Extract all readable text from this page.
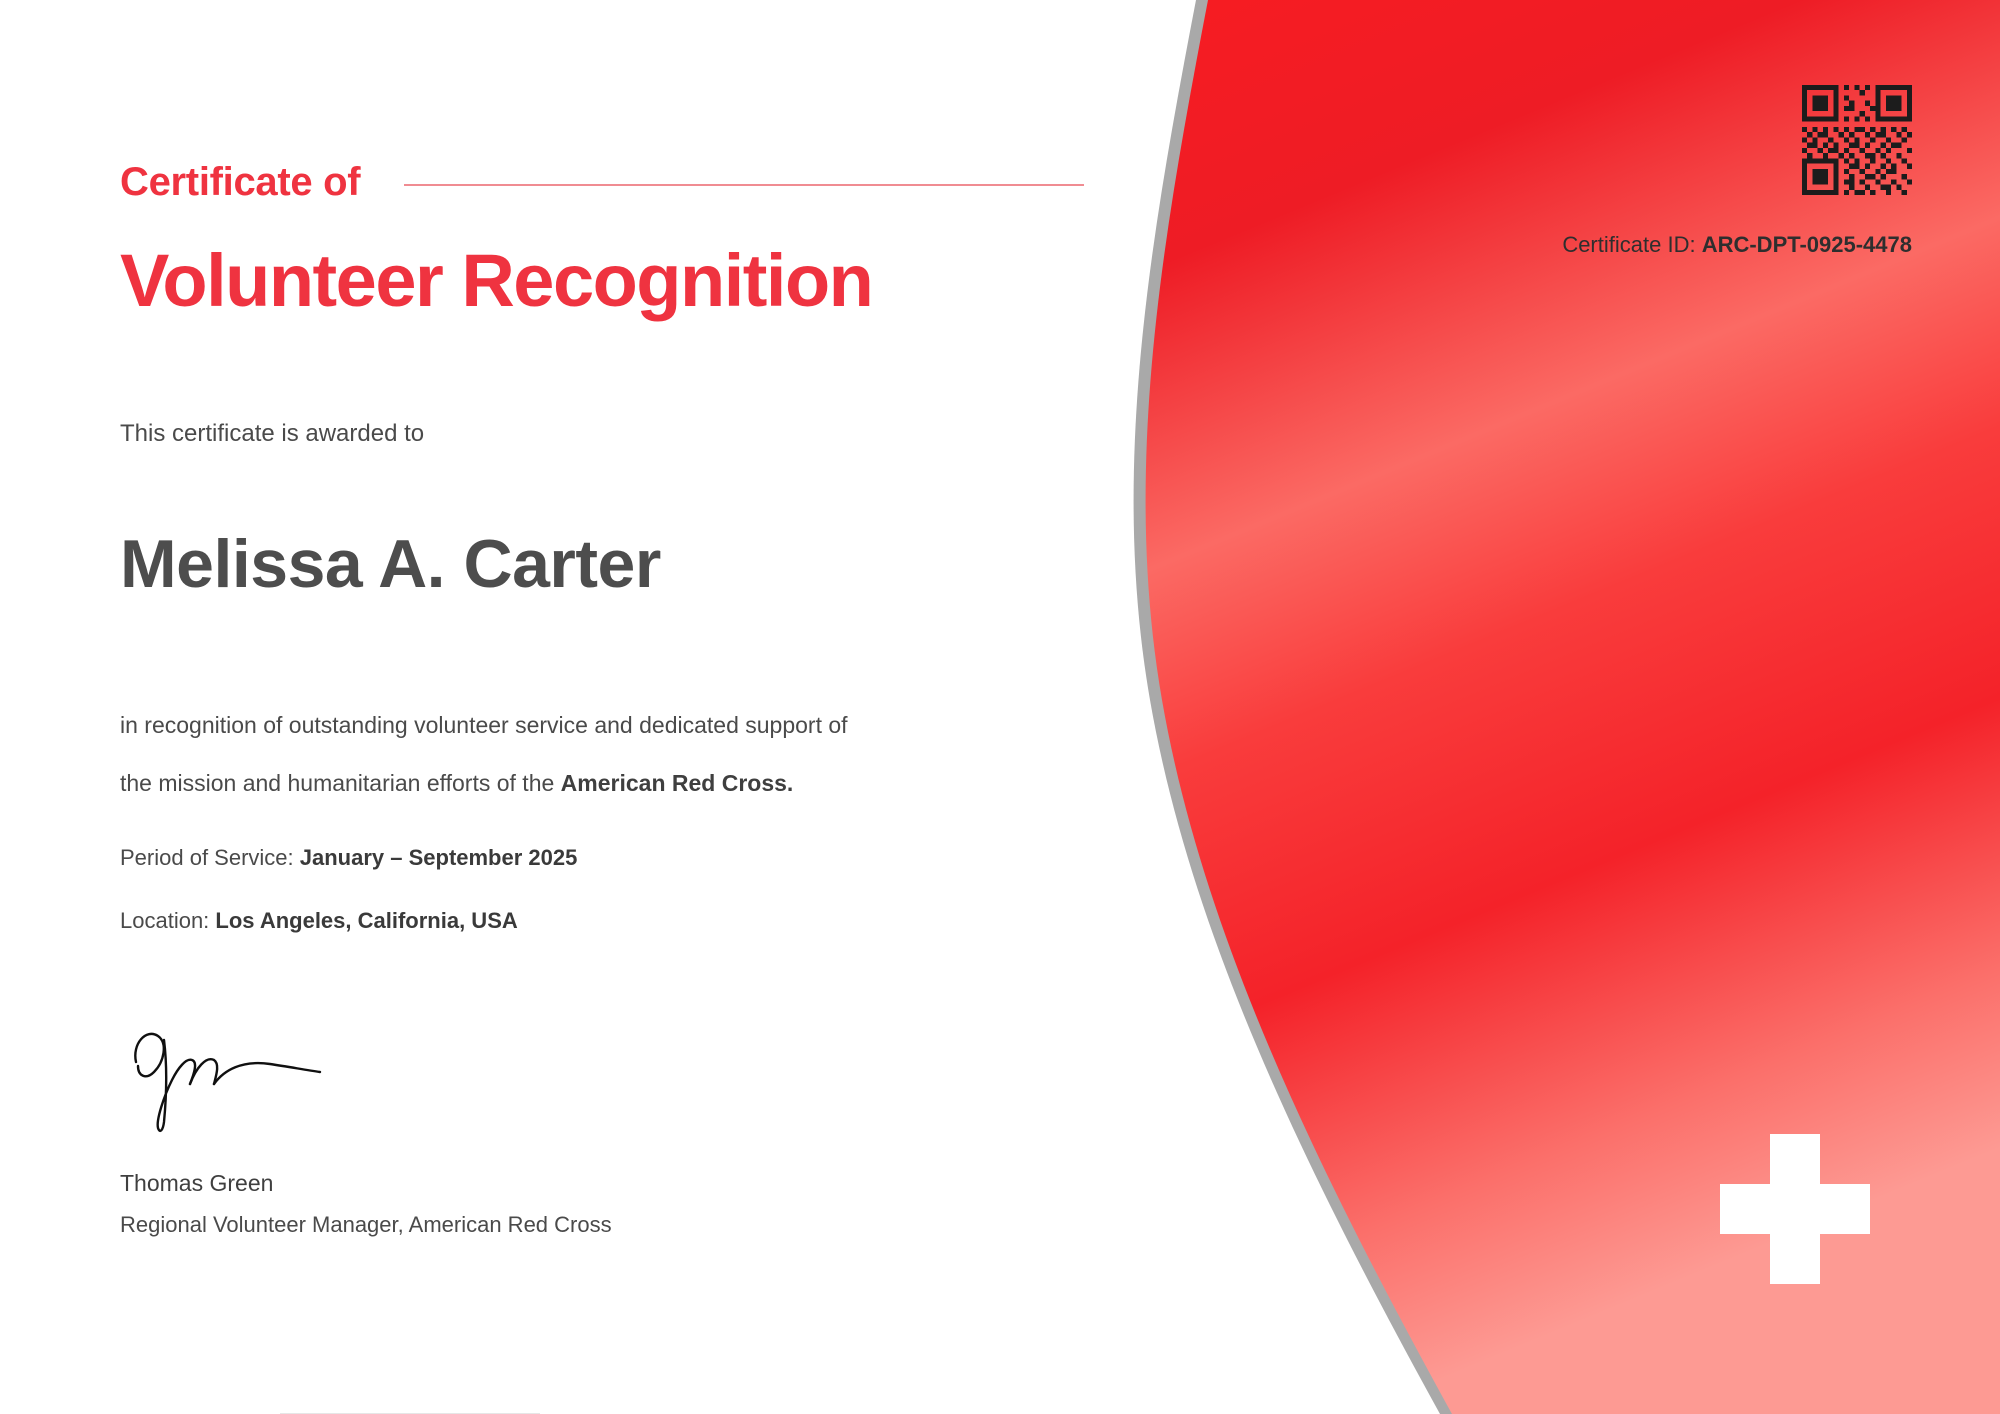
Certificate ID: ARC-DPT-0925-4478
Certificate of
Volunteer Recognition
This certificate is awarded to
Melissa A. Carter
in recognition of outstanding volunteer service and dedicated support of
the mission and humanitarian efforts of the American Red Cross.
Period of Service: January – September 2025
Location: Los Angeles, California, USA
Thomas Green
Regional Volunteer Manager, American Red Cross
